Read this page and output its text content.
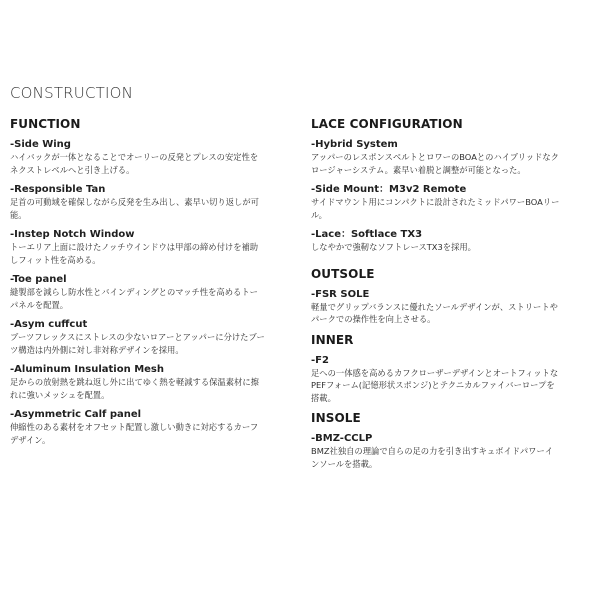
CONSTRUCTION
FUNCTION
-Side Wing
ハイバックが一体となることでオーリーの反発とプレスの安定性を
ネクストレベルへと引き上げる。
-Responsible Tan
足首の可動域を確保しながら反発を生み出し、素早い切り返しが可
能。
-Instep Notch Window
トーエリア上面に設けたノッチウインドウは甲部の締め付けを補助
しフィット性を高める。
-Toe panel
縫製部を減らし防水性とバインディングとのマッチ性を高めるトー
パネルを配置。
-Asym cuffcut
ブーツフレックスにストレスの少ないロアーとアッパーに分けたブー
ツ構造は内外側に対し非対称デザインを採用。
-Aluminum Insulation Mesh
足からの放射熱を跳ね返し外に出てゆく熱を軽減する保温素材に擦
れに強いメッシュを配置。
-Asymmetric Calf panel
伸縮性のある素材をオフセット配置し激しい動きに対応するカーフ
デザイン。
LACE CONFIGURATION
-Hybrid System
アッパーのレスポンスベルトとロワーのBOAとのハイブリッドなク
ロージャーシステム。素早い着脱と調整が可能となった。
-Side Mount：M3v2 Remote
サイドマウント用にコンパクトに設計されたミッドパワーBOAリー
ル。
-Lace：Softlace TX3
しなやかで強靭なソフトレースTX3を採用。
OUTSOLE
-FSR SOLE
軽量でグリップバランスに優れたソールデザインが、ストリートや
パークでの操作性を向上させる。
INNER
-F2
足への一体感を高めるカフクローザーデザインとオートフィットな
PEFフォーム(記憶形状スポンジ)とテクニカルファイバーロープを
搭載。
INSOLE
-BMZ-CCLP
BMZ社独自の理論で自らの足の力を引き出すキュボイドパワーイ
ンソールを搭載。
